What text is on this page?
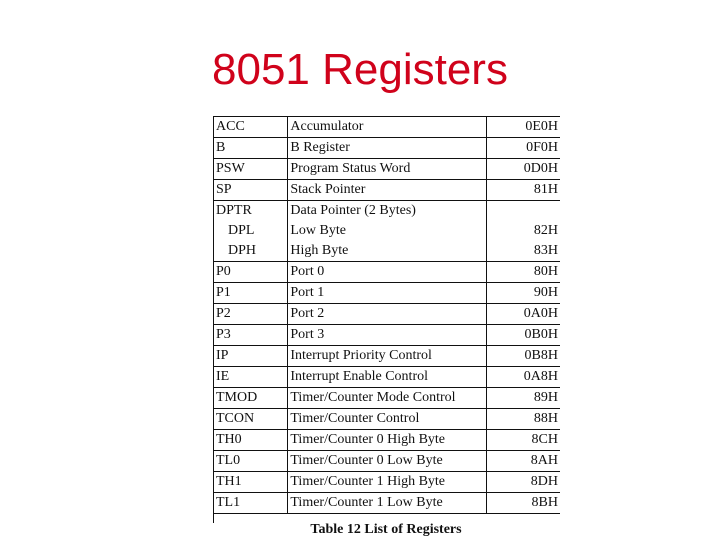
8051 Registers
ACC	Accumulator	0E0H
B	B Register	0F0H
PSW	Program Status Word	0D0H
SP	Stack Pointer	81H
DPTR	Data Pointer (2 Bytes)	
DPL	Low Byte	82H
DPH	High Byte	83H
P0	Port 0	80H
P1	Port 1	90H
P2	Port 2	0A0H
P3	Port 3	0B0H
IP	Interrupt Priority Control	0B8H
IE	Interrupt Enable Control	0A8H
TMOD	Timer/Counter Mode Control	89H
TCON	Timer/Counter Control	88H
TH0	Timer/Counter 0 High Byte	8CH
TL0	Timer/Counter 0 Low Byte	8AH
TH1	Timer/Counter 1 High Byte	8DH
TL1	Timer/Counter 1 Low Byte	8BH
Table 12 List of Registers
